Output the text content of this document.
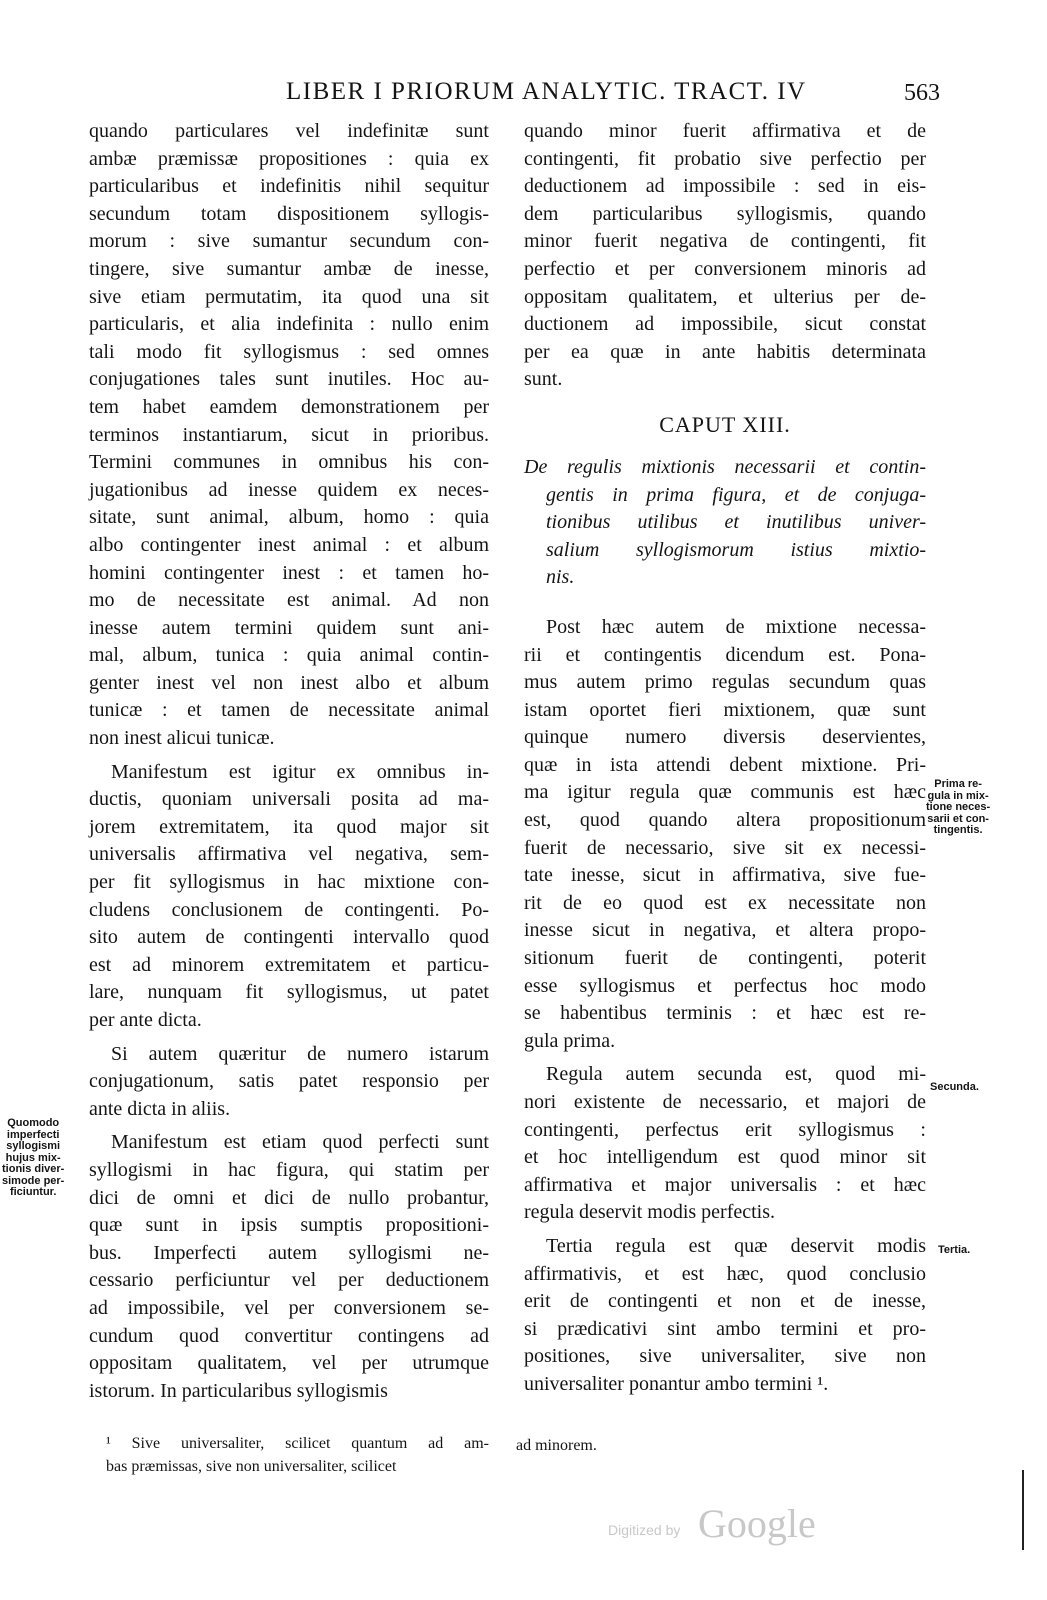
LIBER I PRIORUM ANALYTIC. TRACT. IV	563
quando particulares vel indefinitæ sunt
ambæ præmissæ propositiones : quia ex
particularibus et indefinitis nihil sequitur
secundum totam dispositionem syllogis-
morum : sive sumantur secundum con-
tingere, sive sumantur ambæ de inesse,
sive etiam permutatim, ita quod una sit
particularis, et alia indefinita : nullo enim
tali modo fit syllogismus : sed omnes
conjugationes tales sunt inutiles. Hoc au-
tem habet eamdem demonstrationem per
terminos instantiarum, sicut in prioribus.
Termini communes in omnibus his con-
jugationibus ad inesse quidem ex neces-
sitate, sunt animal, album, homo : quia
albo contingenter inest animal : et album
homini contingenter inest : et tamen ho-
mo de necessitate est animal. Ad non
inesse autem termini quidem sunt ani-
mal, album, tunica : quia animal contin-
genter inest vel non inest albo et album
tunicæ : et tamen de necessitate animal
non inest alicui tunicæ.
Manifestum est igitur ex omnibus in-
ductis, quoniam universali posita ad ma-
jorem extremitatem, ita quod major sit
universalis affirmativa vel negativa, sem-
per fit syllogismus in hac mixtione con-
cludens conclusionem de contingenti. Po-
sito autem de contingenti intervallo quod
est ad minorem extremitatem et particu-
lare, nunquam fit syllogismus, ut patet
per ante dicta.
Si autem quæritur de numero istarum
conjugationum, satis patet responsio per
ante dicta in aliis.
Manifestum est etiam quod perfecti sunt
syllogismi in hac figura, qui statim per
dici de omni et dici de nullo probantur,
quæ sunt in ipsis sumptis propositioni-
bus. Imperfecti autem syllogismi ne-
cessario perficiuntur vel per deductionem
ad impossibile, vel per conversionem se-
cundum quod convertitur contingens ad
oppositam qualitatem, vel per utrumque
istorum. In particularibus syllogismis
quando minor fuerit affirmativa et de
contingenti, fit probatio sive perfectio per
deductionem ad impossibile : sed in eis-
dem particularibus syllogismis, quando
minor fuerit negativa de contingenti, fit
perfectio et per conversionem minoris ad
oppositam qualitatem, et ulterius per de-
ductionem ad impossibile, sicut constat
per ea quæ in ante habitis determinata
sunt.
CAPUT XIII.
De regulis mixtionis necessarii et contin-
gentis in prima figura, et de conjuga-
tionibus utilibus et inutilibus univer-
salium syllogismorum istius mixtio-
nis.
Post hæc autem de mixtione necessa-
rii et contingentis dicendum est. Pona-
mus autem primo regulas secundum quas
istam oportet fieri mixtionem, quæ sunt
quinque numero diversis deservientes,
quæ in ista attendi debent mixtione. Pri-
ma igitur regula quæ communis est hæc
est, quod quando altera propositionum
fuerit de necessario, sive sit ex necessi-
tate inesse, sicut in affirmativa, sive fue-
rit de eo quod est ex necessitate non
inesse sicut in negativa, et altera propo-
sitionum fuerit de contingenti, poterit
esse syllogismus et perfectus hoc modo
se habentibus terminis : et hæc est re-
gula prima.
Regula autem secunda est, quod mi-
nori existente de necessario, et majori de
contingenti, perfectus erit syllogismus :
et hoc intelligendum est quod minor sit
affirmativa et major universalis : et hæc
regula deservit modis perfectis.
Tertia regula est quæ deservit modis
affirmativis, et est hæc, quod conclusio
erit de contingenti et non et de inesse,
si prædicativi sint ambo termini et pro-
positiones, sive universaliter, sive non
universaliter ponantur ambo termini ¹.
Quomodo
imperfecti
syllogismi
hujus mix-
tionis diver-
simode per-
ficiuntur.
Prima re-
gula in mix-
tione neces-
sarii et con-
tingentis.
Secunda.
Tertia.
¹ Sive universaliter, scilicet quantum ad am-
bas præmissas, sive non universaliter, scilicet
ad minorem.
Digitized by Google
